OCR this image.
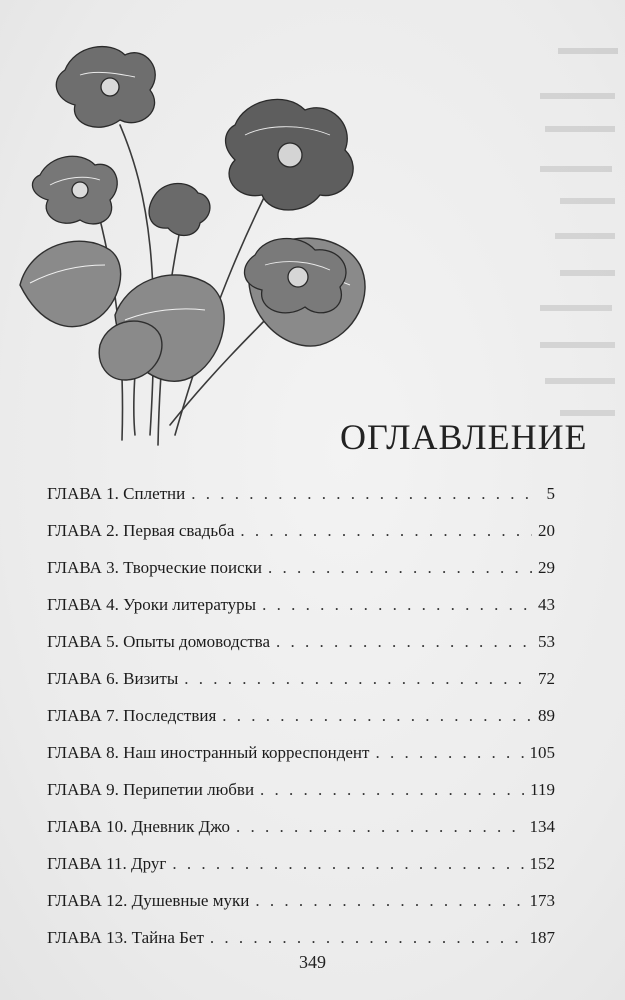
ОГЛАВЛЕНИЕ
ГЛАВА 1. Сплетни . . .	5
ГЛАВА 2. Первая свадьба . . .	20
ГЛАВА 3. Творческие поиски . . .	29
ГЛАВА 4. Уроки литературы . . .	43
ГЛАВА 5. Опыты домоводства . . .	53
ГЛАВА 6. Визиты . . .	72
ГЛАВА 7. Последствия . . .	89
ГЛАВА 8. Наш иностранный корреспондент . . .	105
ГЛАВА 9. Перипетии любви . . .	119
ГЛАВА 10. Дневник Джо . . .	134
ГЛАВА 11. Друг . . .	152
ГЛАВА 12. Душевные муки . . .	173
ГЛАВА 13. Тайна Бет . . .	187
349
